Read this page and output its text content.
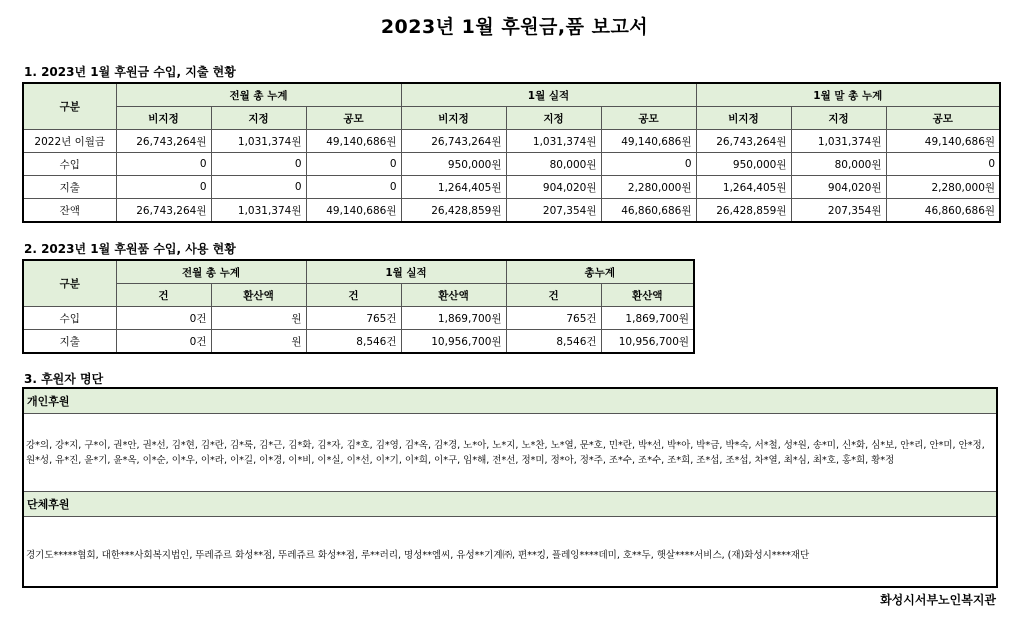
2023년 1월 후원금,품 보고서
1. 2023년 1월 후원금 수입, 지출 현황
구분	전월 총 누계			1월 실적			1월 말 총 누계		
	비지정	지정	공모	비지정	지정	공모	비지정	지정	공모
2022년 이월금	26,743,264원	1,031,374원	49,140,686원	26,743,264원	1,031,374원	49,140,686원	26,743,264원	1,031,374원	49,140,686원
수입	0	0	0	950,000원	80,000원	0	950,000원	80,000원	0
지출	0	0	0	1,264,405원	904,020원	2,280,000원	1,264,405원	904,020원	2,280,000원
잔액	26,743,264원	1,031,374원	49,140,686원	26,428,859원	207,354원	46,860,686원	26,428,859원	207,354원	46,860,686원
2. 2023년 1월 후원품 수입, 사용 현황
구분	전월 총 누계		1월 실적		총누계	
	건	환산액	건	환산액	건	환산액
수입	0건	원	765건	1,869,700원	765건	1,869,700원
지출	0건	원	8,546건	10,956,700원	8,546건	10,956,700원
3. 후원자 명단
개인후원
강*의, 강*지, 구*이, 권*안, 권*선, 김*현, 김*란, 김*룩, 김*근, 김*화, 김*자, 김*호, 김*영, 김*옥, 김*경, 노*아, 노*지, 노*찬, 노*열, 문*호, 민*란, 박*선, 박*아, 박*금, 박*숙, 서*철, 성*원, 송*미, 신*화, 심*보, 안*리, 안*미, 안*정, 원*성, 유*진, 윤*기, 윤*옥, 이*순, 이*우, 이*라, 이*길, 이*경, 이*비, 이*실, 이*선, 이*기, 이*희, 이*구, 임*해, 전*선, 정*미, 정*아, 정*주, 조*수, 조*수, 조*희, 조*섭, 조*섭, 차*열, 최*심, 최*호, 홍*희, 황*정
단체후원
경기도*****협회, 대한***사회복지법인, 뚜레쥬르 화성**점, 뚜레쥬르 화성**점, 루**러리, 명성**엠씨, 유성**기계㈜, 편**킹, 플레잉****데미, 호**두, 햇살****서비스, (재)화성시****재단
화성시서부노인복지관
